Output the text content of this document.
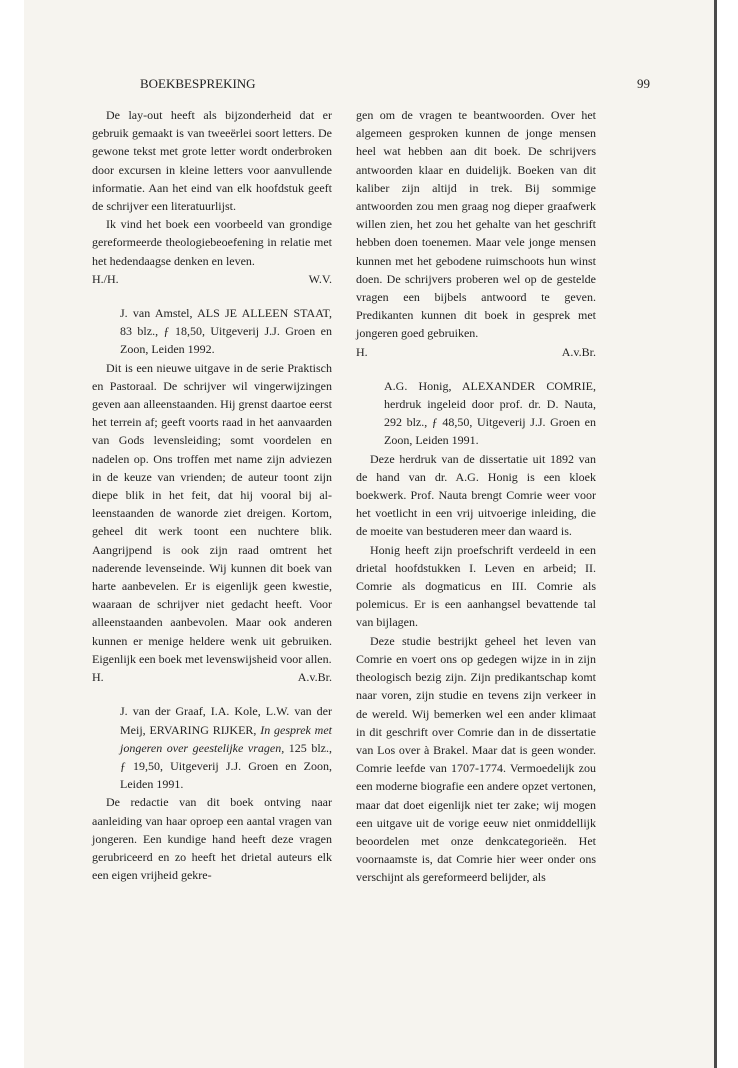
BOEKBESPREKING	99

De lay-out heeft als bijzonderheid dat er gebruik gemaakt is van tweeërlei soort letters. De gewone tekst met grote letter wordt onderbroken door excursen in kleine letters voor aanvullende informatie. Aan het eind van elk hoofdstuk geeft de schrijver een literatuurlijst.

Ik vind het boek een voorbeeld van grondige gereformeerde theologiebeoefening in relatie met het hedendaagse denken en leven.

H./H.	W.V.

J. van Amstel, ALS JE ALLEEN STAAT, 83 blz., ƒ 18,50, Uitgeverij J.J. Groen en Zoon, Leiden 1992.

Dit is een nieuwe uitgave in de serie Praktisch en Pastoraal. De schrijver wil vingerwijzingen geven aan alleenstaanden. Hij grenst daartoe eerst het terrein af; geeft voorts raad in het aanvaarden van Gods levensleiding; somt voordelen en nadelen op. Ons troffen met name zijn adviezen in de keuze van vrienden; de auteur toont zijn diepe blik in het feit, dat hij vooral bij alleenstaanden de wanorde ziet dreigen. Kortom, geheel dit werk toont een nuchtere blik. Aangrijpend is ook zijn raad omtrent het naderende levenseinde. Wij kunnen dit boek van harte aanbevelen. Er is eigenlijk geen kwestie, waaraan de schrijver niet gedacht heeft. Voor alleenstaanden aanbevolen. Maar ook anderen kunnen er menige heldere wenk uit gebruiken. Eigenlijk een boek met levenswijsheid voor allen.

H.	A.v.Br.

J. van der Graaf, I.A. Kole, L.W. van der Meij, ERVARING RIJKER, In gesprek met jongeren over geestelijke vragen, 125 blz., ƒ 19,50, Uitgeverij J.J. Groen en Zoon, Leiden 1991.

De redactie van dit boek ontving naar aanleiding van haar oproep een aantal vragen van jongeren. Een kundige hand heeft deze vragen gerubriceerd en zo heeft het drietal auteurs elk een eigen vrijheid gekre-

gen om de vragen te beantwoorden. Over het algemeen gesproken kunnen de jonge mensen heel wat hebben aan dit boek. De schrijvers antwoorden klaar en duidelijk. Boeken van dit kaliber zijn altijd in trek. Bij sommige antwoorden zou men graag nog dieper graafwerk willen zien, het zou het gehalte van het geschrift hebben doen toenemen. Maar vele jonge mensen kunnen met het gebodene ruimschoots hun winst doen. De schrijvers proberen wel op de gestelde vragen een bijbels antwoord te geven. Predikanten kunnen dit boek in gesprek met jongeren goed gebruiken.

H.	A.v.Br.

A.G. Honig, ALEXANDER COMRIE, herdruk ingeleid door prof. dr. D. Nauta, 292 blz., ƒ 48,50, Uitgeverij J.J. Groen en Zoon, Leiden 1991.

Deze herdruk van de dissertatie uit 1892 van de hand van dr. A.G. Honig is een kloek boekwerk. Prof. Nauta brengt Comrie weer voor het voetlicht in een vrij uitvoerige inleiding, die de moeite van bestuderen meer dan waard is.

Honig heeft zijn proefschrift verdeeld in een drietal hoofdstukken I. Leven en arbeid; II. Comrie als dogmaticus en III. Comrie als polemicus. Er is een aanhangsel bevattende tal van bijlagen.

Deze studie bestrijkt geheel het leven van Comrie en voert ons op gedegen wijze in in zijn theologisch bezig zijn. Zijn predikantschap komt naar voren, zijn studie en tevens zijn verkeer in de wereld. Wij bemerken wel een ander klimaat in dit geschrift over Comrie dan in de dissertatie van Los over à Brakel. Maar dat is geen wonder. Comrie leefde van 1707-1774. Vermoedelijk zou een moderne biografie een andere opzet vertonen, maar dat doet eigenlijk niet ter zake; wij mogen een uitgave uit de vorige eeuw niet onmiddellijk beoordelen met onze denkcategorieën. Het voornaamste is, dat Comrie hier weer onder ons verschijnt als gereformeerd belijder, als
